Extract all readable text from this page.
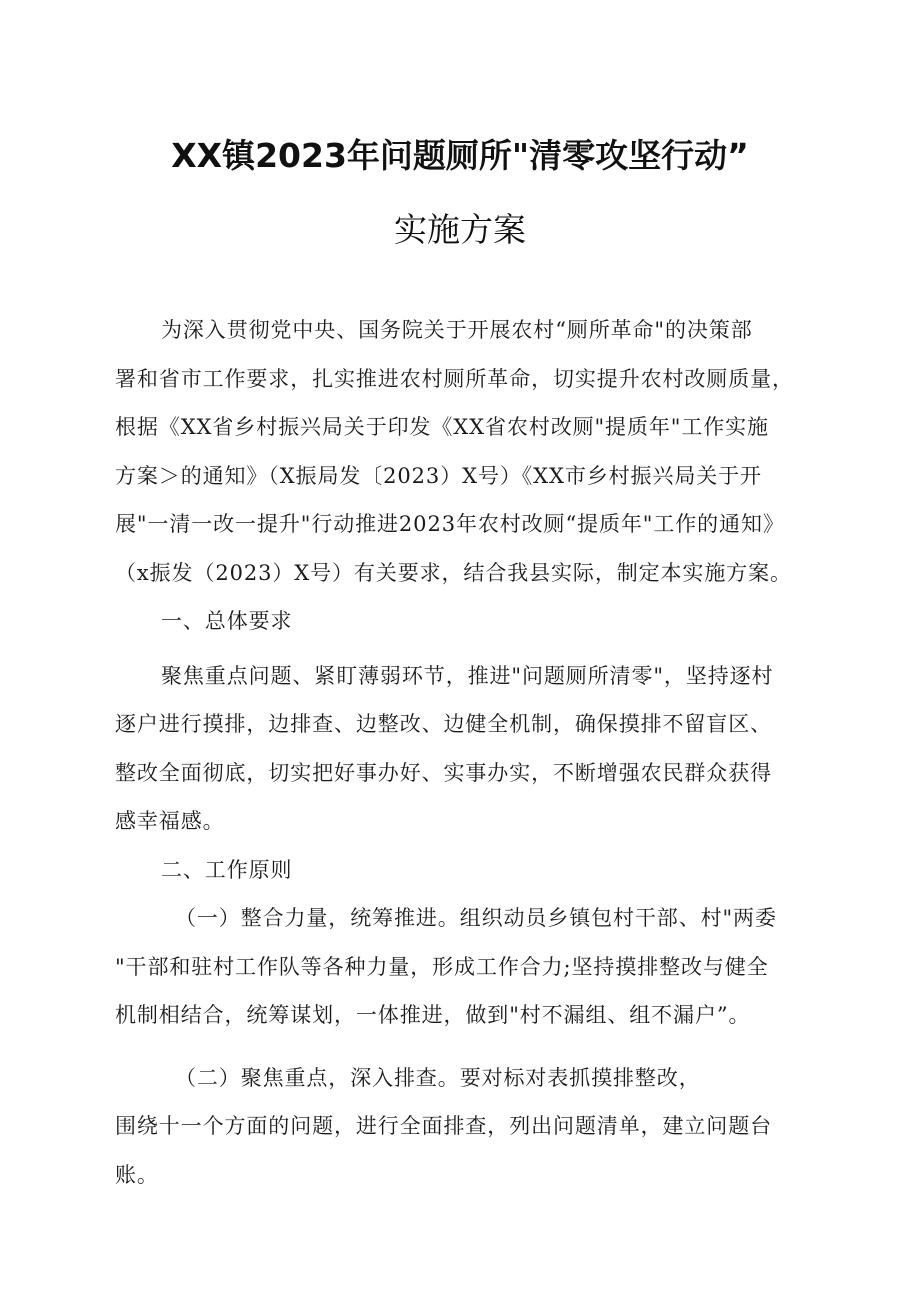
XX镇2023年问题厕所"清零攻坚行动”
实施方案
为深入贯彻党中央、国务院关于开展农村“厕所革命"的决策部
署和省市工作要求，扎实推进农村厕所革命，切实提升农村改厕质量，
根据《XX省乡村振兴局关于印发《XX省农村改厕"提质年"工作实施
方案＞的通知》（X振局发〔2023）X号）《XX市乡村振兴局关于开
展"一清一改一提升"行动推进2023年农村改厕“提质年"工作的通知》
（x振发（2023）X号）有关要求，结合我县实际，制定本实施方案。
一、总体要求
聚焦重点问题、紧盯薄弱环节，推进"问题厕所清零"，坚持逐村
逐户进行摸排，边排查、边整改、边健全机制，确保摸排不留盲区、
整改全面彻底，切实把好事办好、实事办实，不断增强农民群众获得
感幸福感。
二、工作原则
（一）整合力量，统筹推进。组织动员乡镇包村干部、村"两委
"干部和驻村工作队等各种力量，形成工作合力;坚持摸排整改与健全
机制相结合，统筹谋划，一体推进，做到"村不漏组、组不漏户”。
（二）聚焦重点，深入排查。要对标对表抓摸排整改，
围绕十一个方面的问题，进行全面排查，列出问题清单，建立问题台
账。
